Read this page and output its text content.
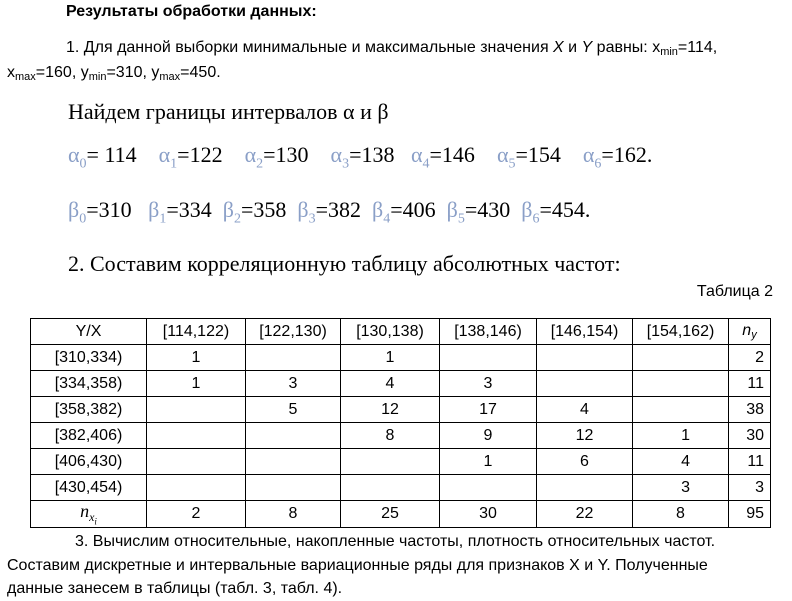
Результаты обработки данных:
1. Для данной выборки минимальные и максимальные значения X и Y равны: $x_{min}=114$,
$x_{max}=160$, $y_{min}=310$, $y_{max}=450$.
Найдем границы интервалов α и β
$\alpha_0= 114$ $\alpha_1=122$ $\alpha_2=130$ $\alpha_3=138$ $\alpha_4=146$ $\alpha_5=154$ $\alpha_6=162$.
$\beta_0=310$ $\beta_1=334$ $\beta_2=358$ $\beta_3=382$ $\beta_4=406$ $\beta_5=430$ $\beta_6=454$.
2. Составим корреляционную таблицу абсолютных частот:
Таблица 2
Y/X	[114,122)	[122,130)	[130,138)	[138,146)	[146,154)	[154,162)	$n_y$
[310,334)	1		1				2
[334,358)	1	3	4	3			11
[358,382)		5	12	17	4		38
[382,406)			8	9	12	1	30
[406,430)				1	6	4	11
[430,454)						3	3
$n_{x_i}$	2	8	25	30	22	8	95
3. Вычислим относительные, накопленные частоты, плотность относительных частот.
Составим дискретные и интервальные вариационные ряды для признаков X и Y. Полученные
данные занесем в таблицы (табл. 3, табл. 4).
